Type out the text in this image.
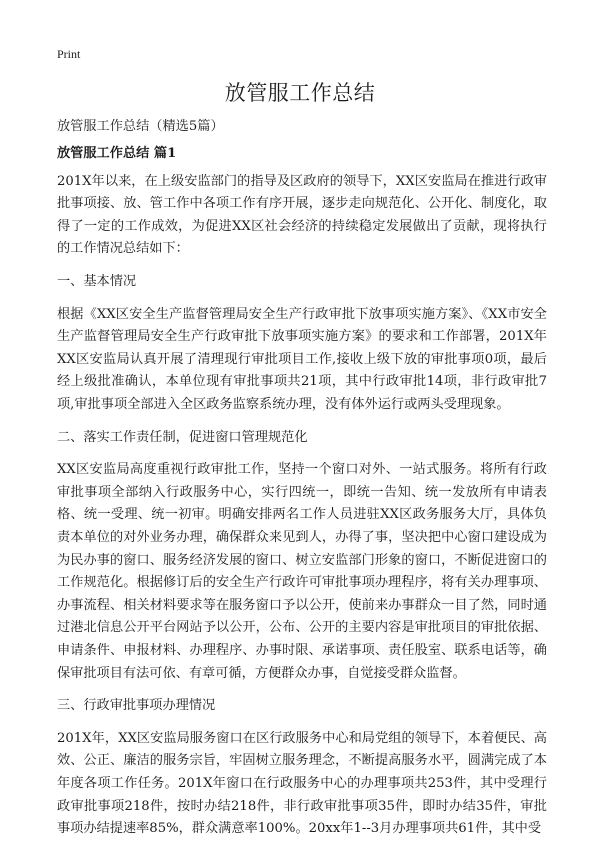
Print
放管服工作总结

放管服工作总结（精选5篇）

放管服工作总结 篇1

201X年以来，在上级安监部门的指导及区政府的领导下，XX区安监局在推进行政审批事项接、放、管工作中各项工作有序开展，逐步走向规范化、公开化、制度化，取得了一定的工作成效，为促进XX区社会经济的持续稳定发展做出了贡献，现将执行的工作情况总结如下：

一、基本情况

根据《XX区安全生产监督管理局安全生产行政审批下放事项实施方案》、《XX市安全生产监督管理局安全生产行政审批下放事项实施方案》的要求和工作部署，201X年XX区安监局认真开展了清理现行审批项目工作,接收上级下放的审批事项0项，最后经上级批准确认，本单位现有审批事项共21项，其中行政审批14项，非行政审批7项,审批事项全部进入全区政务监察系统办理，没有体外运行或两头受理现象。

二、落实工作责任制，促进窗口管理规范化

XX区安监局高度重视行政审批工作，坚持一个窗口对外、一站式服务。将所有行政审批事项全部纳入行政服务中心，实行四统一，即统一告知、统一发放所有申请表格、统一受理、统一初审。明确安排两名工作人员进驻XX区政务服务大厅，具体负责本单位的对外业务办理，确保群众来见到人，办得了事，坚决把中心窗口建设成为为民办事的窗口、服务经济发展的窗口、树立安监部门形象的窗口，不断促进窗口的工作规范化。根据修订后的安全生产行政许可审批事项办理程序，将有关办理事项、办事流程、相关材料要求等在服务窗口予以公开，使前来办事群众一目了然，同时通过港北信息公开平台网站予以公开，公布、公开的主要内容是审批项目的审批依据、申请条件、申报材料、办理程序、办事时限、承诺事项、责任股室、联系电话等，确保审批项目有法可依、有章可循，方便群众办事，自觉接受群众监督。

三、行政审批事项办理情况

201X年，XX区安监局服务窗口在区行政服务中心和局党组的领导下，本着便民、高效、公正、廉洁的服务宗旨，牢固树立服务理念，不断提高服务水平，圆满完成了本年度各项工作任务。201X年窗口在行政服务中心的办理事项共253件，其中受理行政审批事项218件，按时办结218件，非行政审批事项35件，即时办结35件，审批事项办结提速率85%，群众满意率100%。20xx年1--3月办理事项共61件，其中受
